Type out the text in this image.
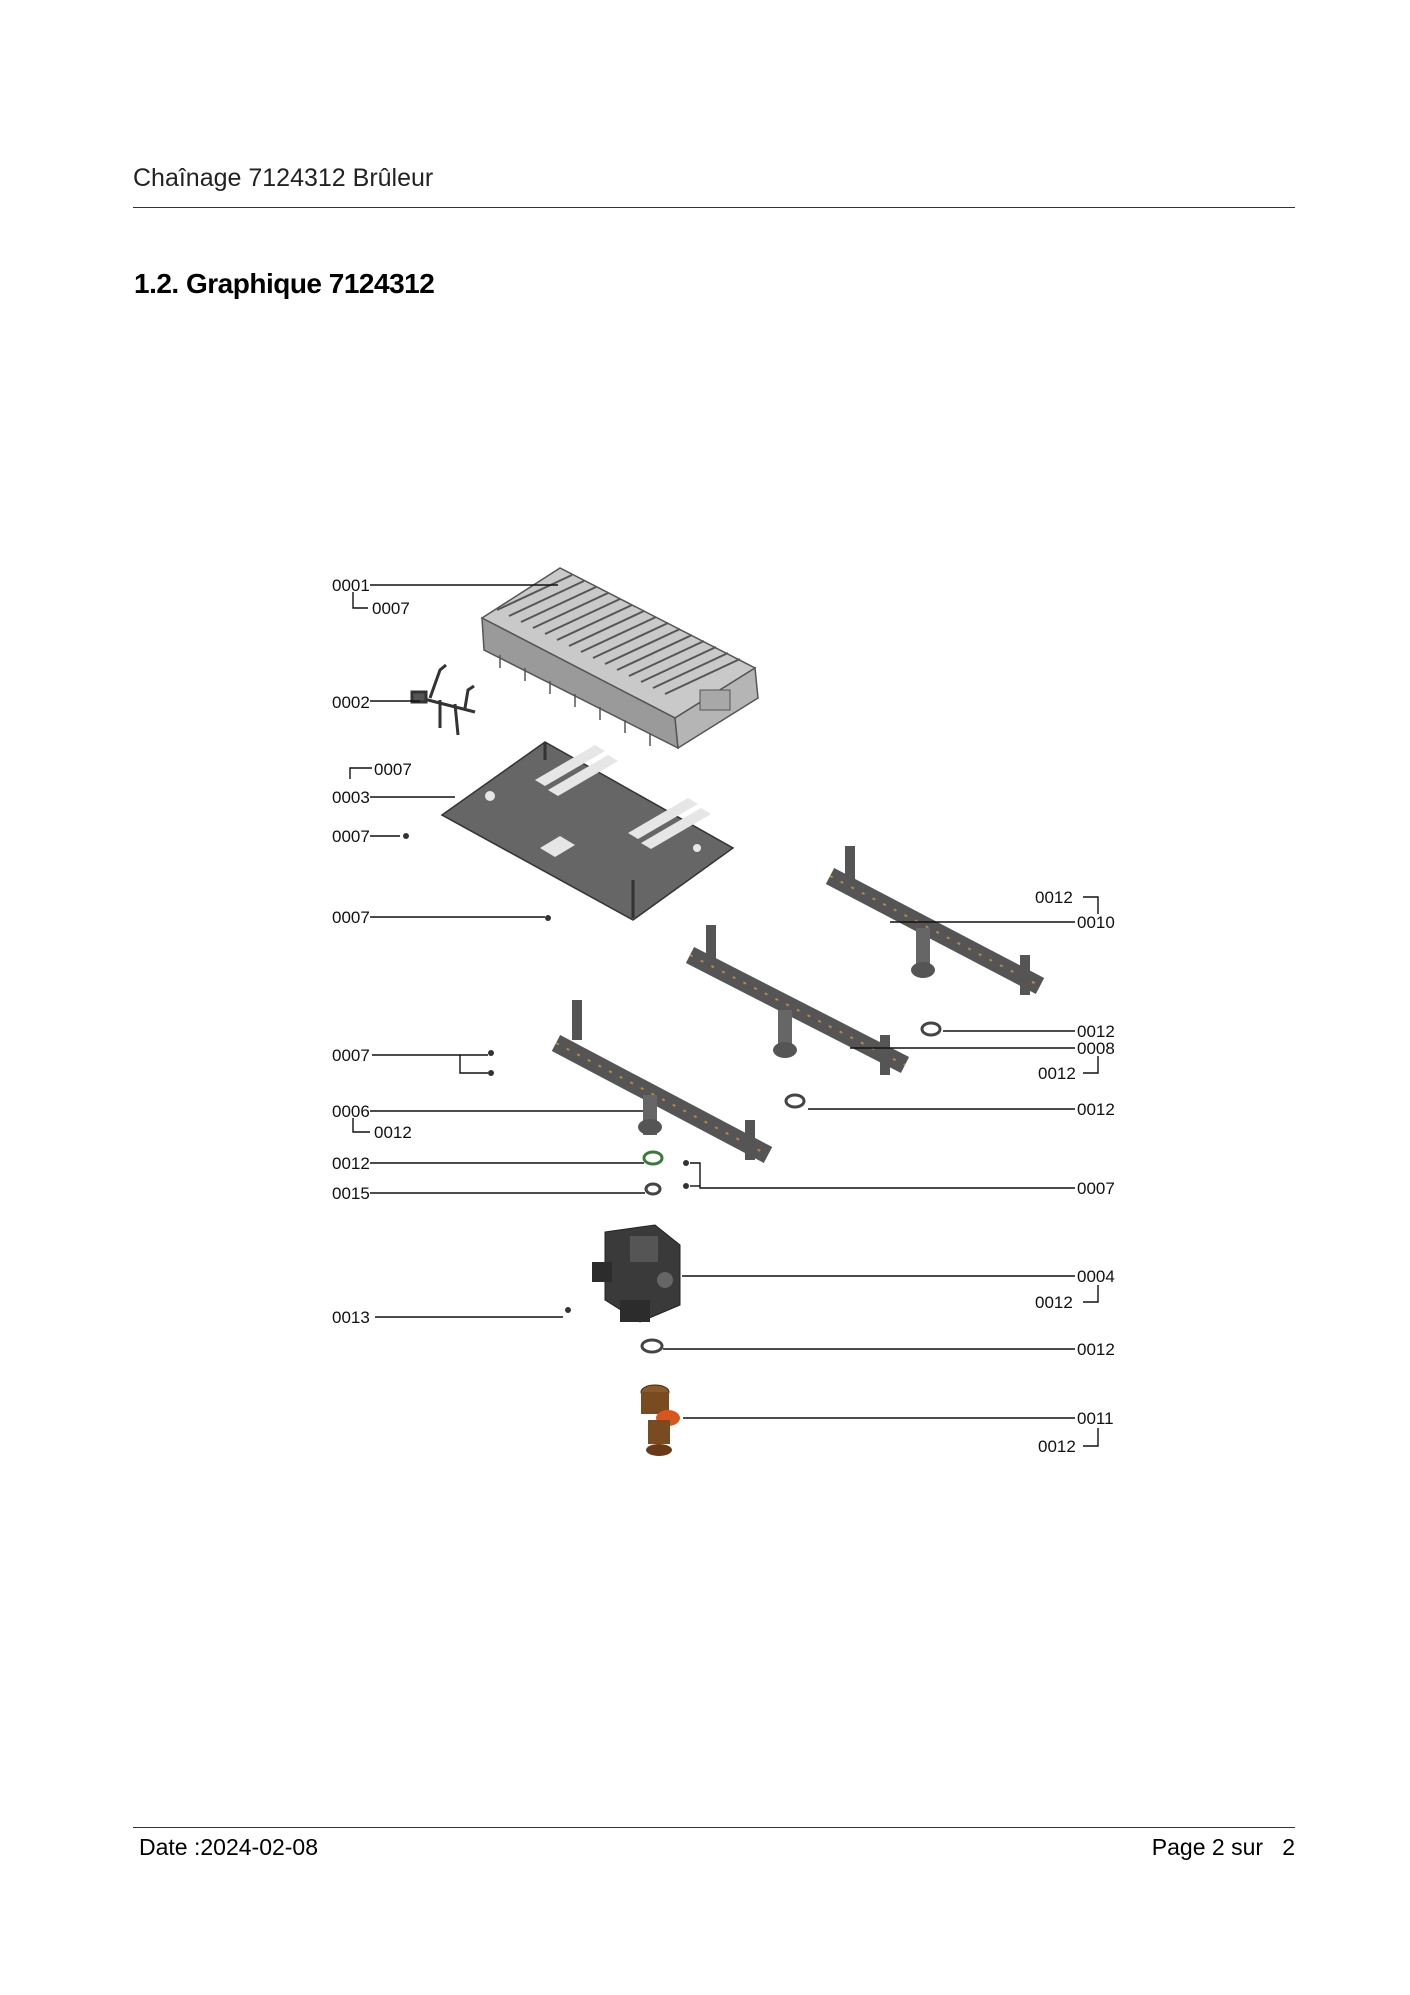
Chaînage 7124312 Brûleur
1.2. Graphique 7124312
0001
0007
0002
0007
0003
0007
0007
0007
0006
0012
0012
0015
0013
0012
0010
0012
0008
0012
0012
0007
0004
0012
0012
0011
0012
Date :2024-02-08	Page 2 sur 2
